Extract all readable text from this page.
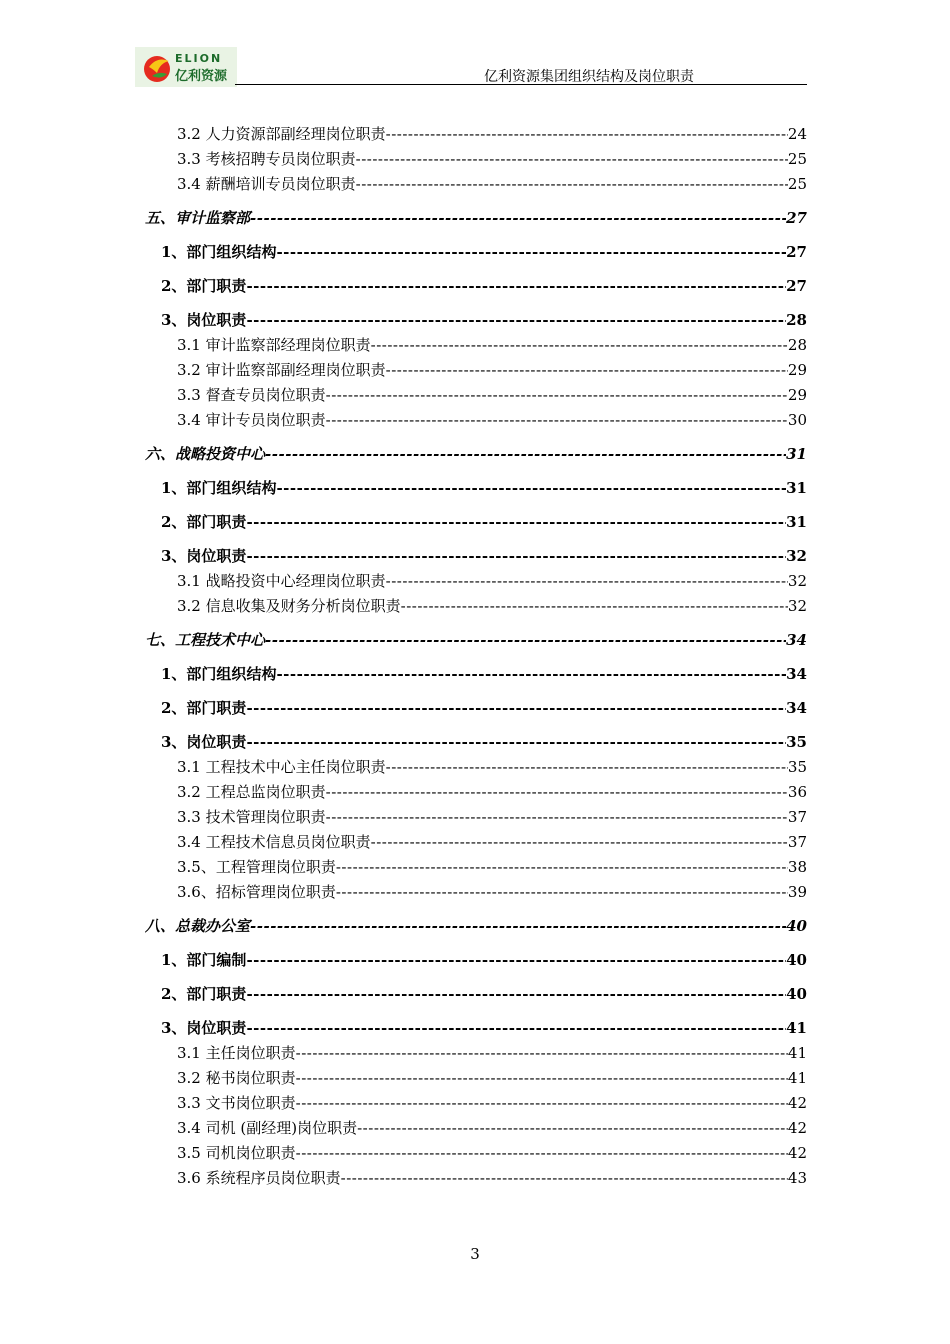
ELION
亿利资源	亿利资源集团组织结构及岗位职责
3.2 人力资源部副经理岗位职责 -----	24
3.3 考核招聘专员岗位职责 -----	25
3.4 薪酬培训专员岗位职责 -----	25
五、审计监察部 -----	27
1、部门组织结构 -----	27
2、部门职责 -----	27
3、岗位职责 -----	28
3.1 审计监察部经理岗位职责 -----	28
3.2 审计监察部副经理岗位职责 -----	29
3.3 督查专员岗位职责 -----	29
3.4 审计专员岗位职责 -----	30
六、战略投资中心 -----	31
1、部门组织结构 -----	31
2、部门职责 -----	31
3、岗位职责 -----	32
3.1 战略投资中心经理岗位职责 -----	32
3.2 信息收集及财务分析岗位职责 -----	32
七、工程技术中心 -----	34
1、部门组织结构 -----	34
2、部门职责 -----	34
3、岗位职责 -----	35
3.1 工程技术中心主任岗位职责 -----	35
3.2 工程总监岗位职责 -----	36
3.3 技术管理岗位职责 -----	37
3.4 工程技术信息员岗位职责 -----	37
3.5、工程管理岗位职责 -----	38
3.6、招标管理岗位职责 -----	39
八、总裁办公室 -----	40
1、部门编制 -----	40
2、部门职责 -----	40
3、岗位职责 -----	41
3.1 主任岗位职责 -----	41
3.2 秘书岗位职责 -----	41
3.3 文书岗位职责 -----	42
3.4 司机 (副经理)岗位职责 -----	42
3.5 司机岗位职责 -----	42
3.6 系统程序员岗位职责 -----	43
3
